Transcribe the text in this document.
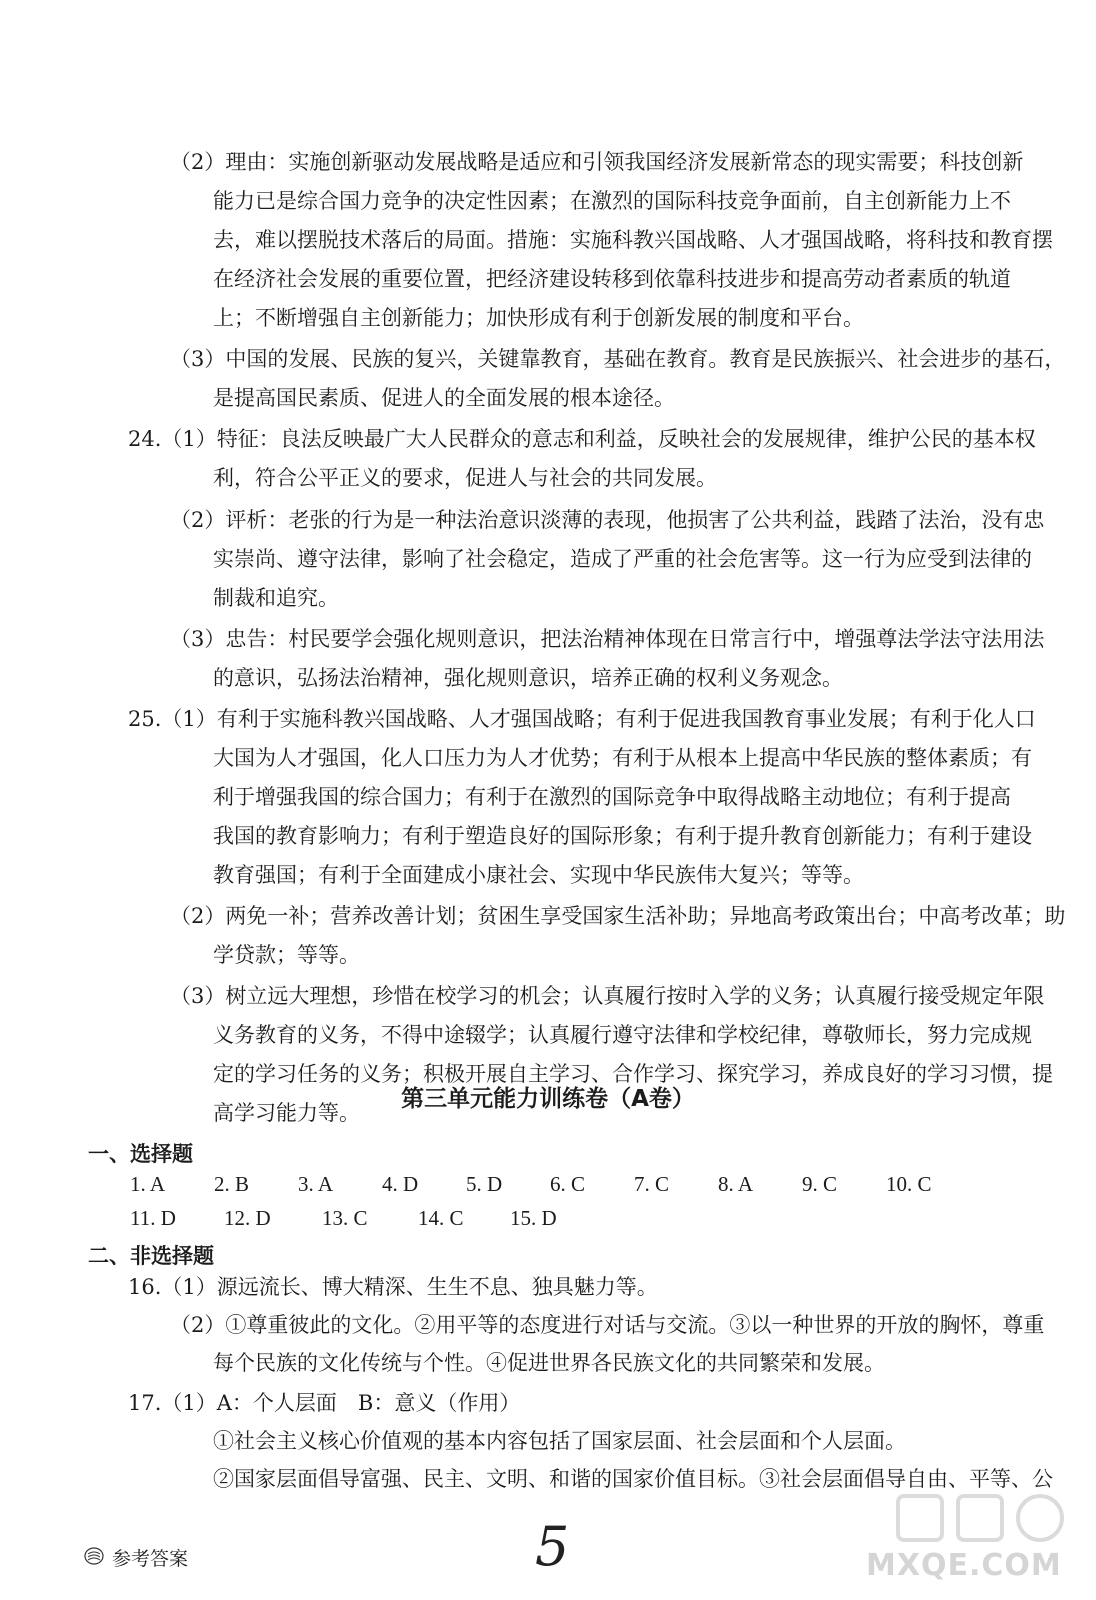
（2）理由：实施创新驱动发展战略是适应和引领我国经济发展新常态的现实需要；科技创新
能力已是综合国力竞争的决定性因素；在激烈的国际科技竞争面前，自主创新能力上不
去，难以摆脱技术落后的局面。措施：实施科教兴国战略、人才强国战略，将科技和教育摆
在经济社会发展的重要位置，把经济建设转移到依靠科技进步和提高劳动者素质的轨道
上；不断增强自主创新能力；加快形成有利于创新发展的制度和平台。
（3）中国的发展、民族的复兴，关键靠教育，基础在教育。教育是民族振兴、社会进步的基石，
是提高国民素质、促进人的全面发展的根本途径。
24.（1）特征：良法反映最广大人民群众的意志和利益，反映社会的发展规律，维护公民的基本权
利，符合公平正义的要求，促进人与社会的共同发展。
（2）评析：老张的行为是一种法治意识淡薄的表现，他损害了公共利益，践踏了法治，没有忠
实崇尚、遵守法律，影响了社会稳定，造成了严重的社会危害等。这一行为应受到法律的
制裁和追究。
（3）忠告：村民要学会强化规则意识，把法治精神体现在日常言行中，增强尊法学法守法用法
的意识，弘扬法治精神，强化规则意识，培养正确的权利义务观念。
25.（1）有利于实施科教兴国战略、人才强国战略；有利于促进我国教育事业发展；有利于化人口
大国为人才强国，化人口压力为人才优势；有利于从根本上提高中华民族的整体素质；有
利于增强我国的综合国力；有利于在激烈的国际竞争中取得战略主动地位；有利于提高
我国的教育影响力；有利于塑造良好的国际形象；有利于提升教育创新能力；有利于建设
教育强国；有利于全面建成小康社会、实现中华民族伟大复兴；等等。
（2）两免一补；营养改善计划；贫困生享受国家生活补助；异地高考政策出台；中高考改革；助
学贷款；等等。
（3）树立远大理想，珍惜在校学习的机会；认真履行按时入学的义务；认真履行接受规定年限
义务教育的义务，不得中途辍学；认真履行遵守法律和学校纪律，尊敬师长，努力完成规
定的学习任务的义务；积极开展自主学习、合作学习、探究学习，养成良好的学习习惯，提
高学习能力等。
第三单元能力训练卷（A卷）
一、选择题
1. A 2. B 3. A 4. D 5. D 6. C 7. C 8. A 9. C 10. C
11. D 12. D 13. C 14. C 15. D
二、非选择题
16.（1）源远流长、博大精深、生生不息、独具魅力等。
（2）①尊重彼此的文化。②用平等的态度进行对话与交流。③以一种世界的开放的胸怀，尊重
每个民族的文化传统与个性。④促进世界各民族文化的共同繁荣和发展。
17.（1）A：个人层面　B：意义（作用）
①社会主义核心价值观的基本内容包括了国家层面、社会层面和个人层面。
②国家层面倡导富强、民主、文明、和谐的国家价值目标。③社会层面倡导自由、平等、公
参考答案	5	MXQE.COM
